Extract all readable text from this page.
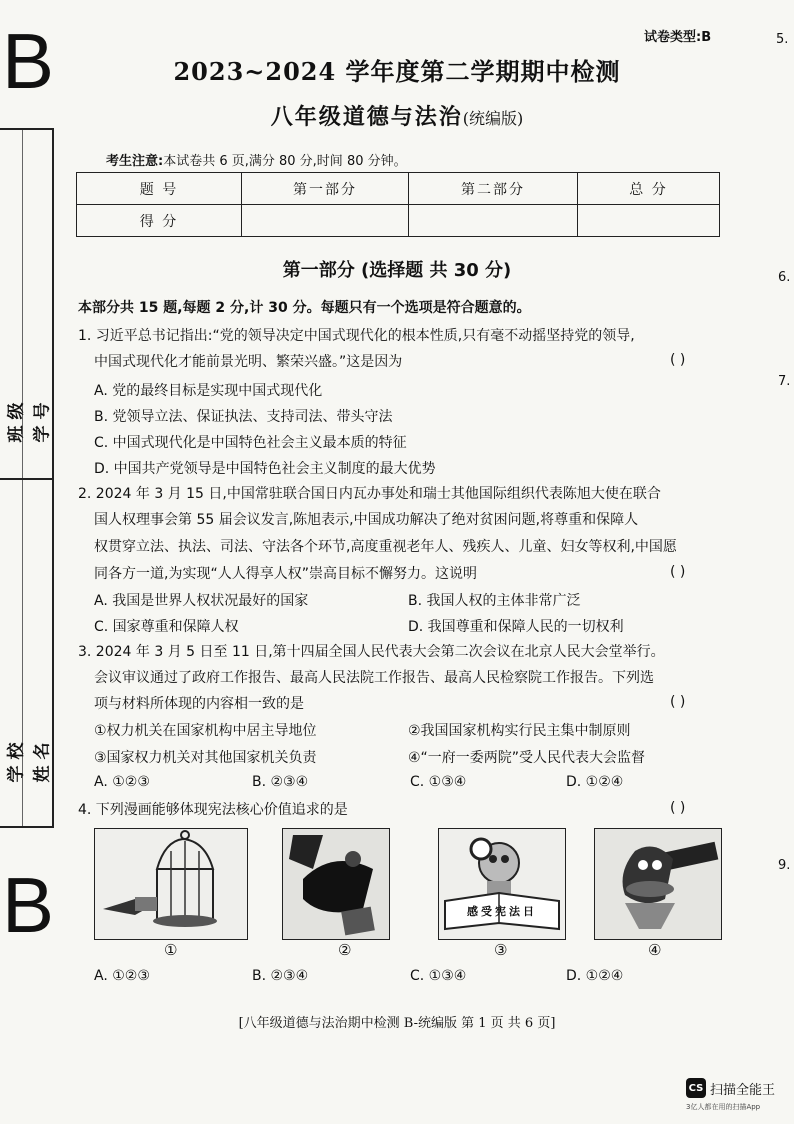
B
B
班 级 学 号
学 校 姓 名
5.
6.
7.
9.
试卷类型:B
2023~2024 学年度第二学期期中检测
八年级道德与法治(统编版)
考生注意:本试卷共 6 页,满分 80 分,时间 80 分钟。
题 号	第一部分	第二部分	总 分
得 分			
第一部分 (选择题 共 30 分)
本部分共 15 题,每题 2 分,计 30 分。每题只有一个选项是符合题意的。
1. 习近平总书记指出:“党的领导决定中国式现代化的根本性质,只有毫不动摇坚持党的领导,
中国式现代化才能前景光明、繁荣兴盛。”这是因为	( )
A. 党的最终目标是实现中国式现代化
B. 党领导立法、保证执法、支持司法、带头守法
C. 中国式现代化是中国特色社会主义最本质的特征
D. 中国共产党领导是中国特色社会主义制度的最大优势
2. 2024 年 3 月 15 日,中国常驻联合国日内瓦办事处和瑞士其他国际组织代表陈旭大使在联合
国人权理事会第 55 届会议发言,陈旭表示,中国成功解决了绝对贫困问题,将尊重和保障人
权贯穿立法、执法、司法、守法各个环节,高度重视老年人、残疾人、儿童、妇女等权利,中国愿
同各方一道,为实现“人人得享人权”崇高目标不懈努力。这说明	( )
A. 我国是世界人权状况最好的国家	B. 我国人权的主体非常广泛
C. 国家尊重和保障人权	D. 我国尊重和保障人民的一切权利
3. 2024 年 3 月 5 日至 11 日,第十四届全国人民代表大会第二次会议在北京人民大会堂举行。
会议审议通过了政府工作报告、最高人民法院工作报告、最高人民检察院工作报告。下列选
项与材料所体现的内容相一致的是	( )
①权力机关在国家机构中居主导地位	②我国国家机构实行民主集中制原则
③国家权力机关对其他国家机关负责	④“一府一委两院”受人民代表大会监督
A. ①②③	B. ②③④	C. ①③④	D. ①②④
4. 下列漫画能够体现宪法核心价值追求的是	( )
感受宪法日
①	②	③	④
A. ①②③	B. ②③④	C. ①③④	D. ①②④
[八年级道德与法治期中检测 B-统编版 第 1 页 共 6 页]
CS 扫描全能王
3亿人都在用的扫描App
